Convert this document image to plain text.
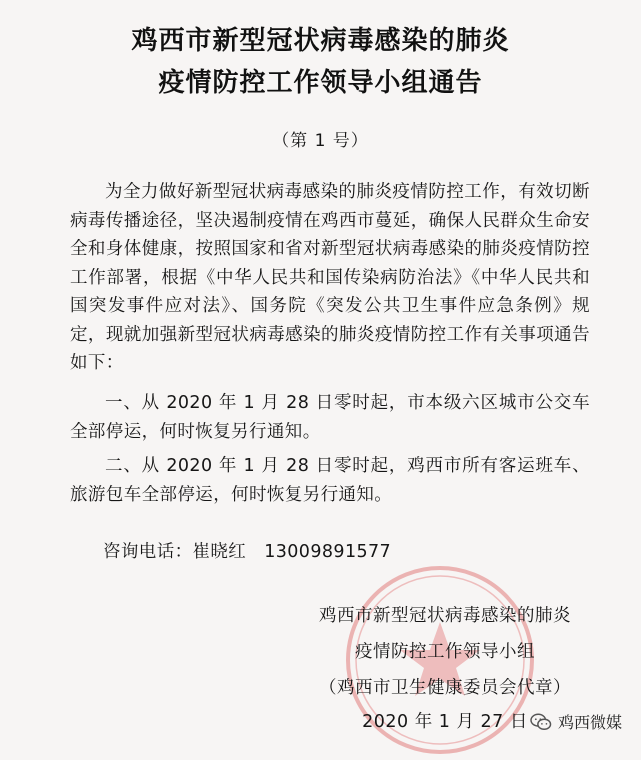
鸡西市新型冠状病毒感染的肺炎
疫情防控工作领导小组通告
（第 1 号）

为全力做好新型冠状病毒感染的肺炎疫情防控工作，有效切断病毒传播途径，坚决遏制疫情在鸡西市蔓延，确保人民群众生命安全和身体健康，按照国家和省对新型冠状病毒感染的肺炎疫情防控工作部署，根据《中华人民共和国传染病防治法》《中华人民共和国突发事件应对法》、国务院《突发公共卫生事件应急条例》规定，现就加强新型冠状病毒感染的肺炎疫情防控工作有关事项通告如下：

一、从 2020 年 1 月 28 日零时起，市本级六区城市公交车全部停运，何时恢复另行通知。

二、从 2020 年 1 月 28 日零时起，鸡西市所有客运班车、旅游包车全部停运，何时恢复另行通知。

咨询电话：崔晓红 13009891577
鸡西市新型冠状病毒感染的肺炎
疫情防控工作领导小组
（鸡西市卫生健康委员会代章）
2020 年 1 月 27 日	鸡西微媒
